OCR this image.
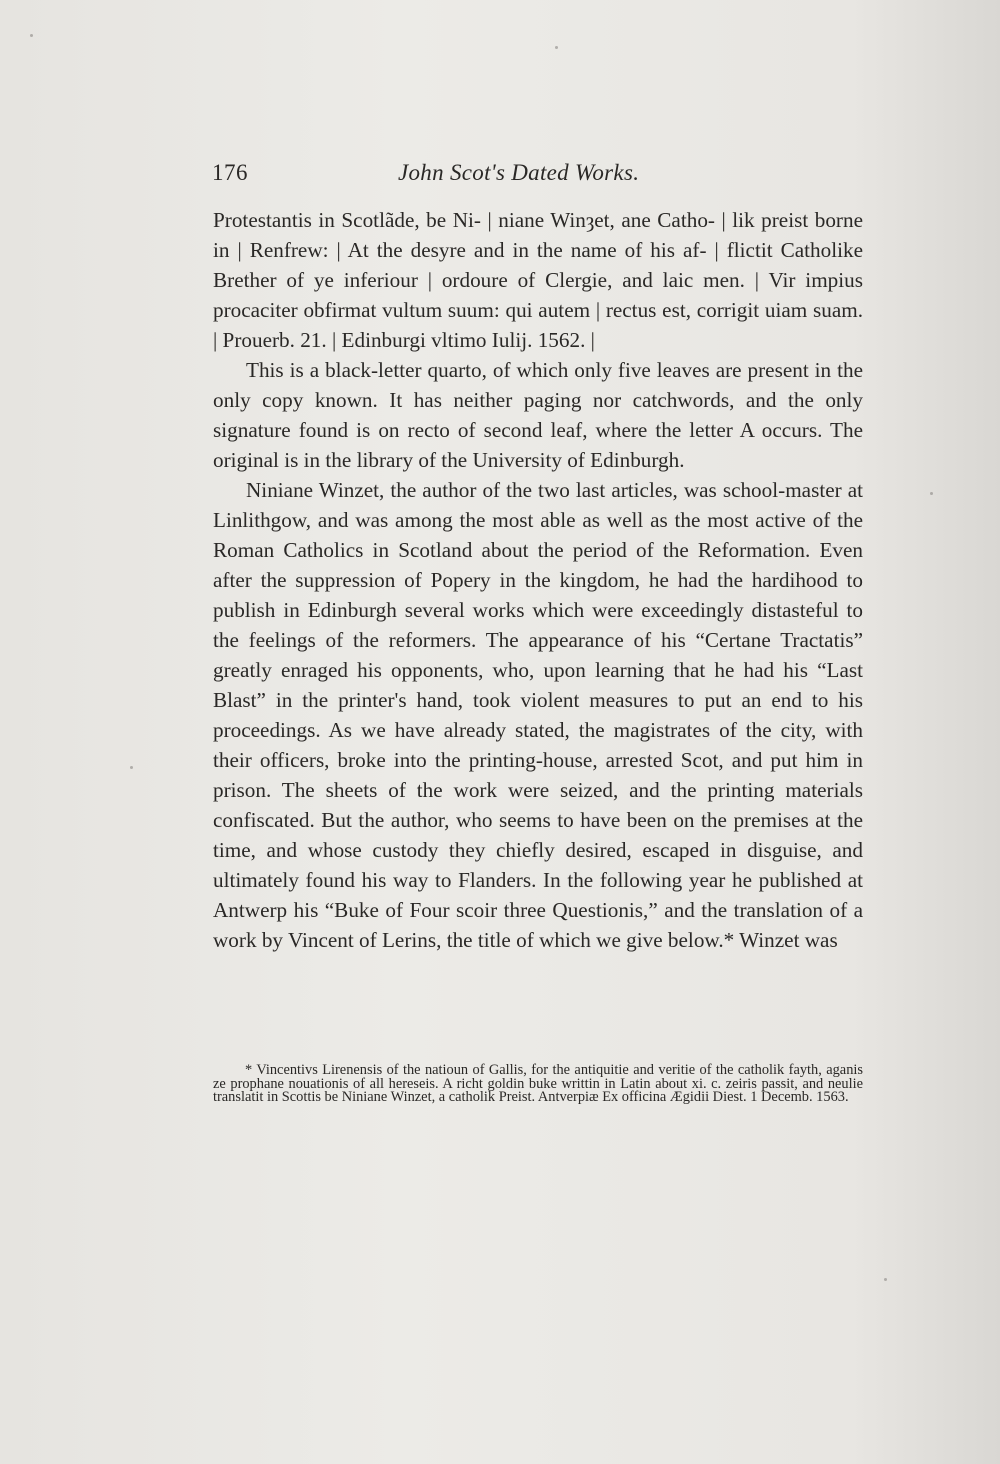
176	John Scot's Dated Works.

Protestantis in Scotlãde, be Ni- | niane Winȝet, ane Catho- | lik preist borne in | Renfrew: | At the desyre and in the name of his af- | flictit Catholike Brether of ye inferiour | ordoure of Clergie, and laic men. | Vir impius procaciter obfirmat vultum suum: qui autem | rectus est, corrigit uiam suam. | Prouerb. 21. | Edinburgi vltimo Iulij. 1562. |

This is a black-letter quarto, of which only five leaves are present in the only copy known. It has neither paging nor catchwords, and the only signature found is on recto of second leaf, where the letter A occurs. The original is in the library of the University of Edinburgh.

Niniane Winzet, the author of the two last articles, was school-master at Linlithgow, and was among the most able as well as the most active of the Roman Catholics in Scotland about the period of the Reformation. Even after the suppression of Popery in the kingdom, he had the hardihood to publish in Edinburgh several works which were exceedingly distasteful to the feelings of the reformers. The appearance of his “Certane Tractatis” greatly enraged his opponents, who, upon learning that he had his “Last Blast” in the printer's hand, took violent measures to put an end to his proceedings. As we have already stated, the magistrates of the city, with their officers, broke into the printing-house, arrested Scot, and put him in prison. The sheets of the work were seized, and the printing materials confiscated. But the author, who seems to have been on the premises at the time, and whose custody they chiefly desired, escaped in disguise, and ultimately found his way to Flanders. In the following year he published at Antwerp his “Buke of Four scoir three Questionis,” and the translation of a work by Vincent of Lerins, the title of which we give below.* Winzet was

* Vincentivs Lirenensis of the natioun of Gallis, for the antiquitie and veritie of the catholik fayth, aganis ze prophane nouationis of all hereseis. A richt goldin buke writtin in Latin about xi. c. zeiris passit, and neulie translatit in Scottis be Niniane Winzet, a catholik Preist. Antverpiæ Ex officina Ægidii Diest. 1 Decemb. 1563.
